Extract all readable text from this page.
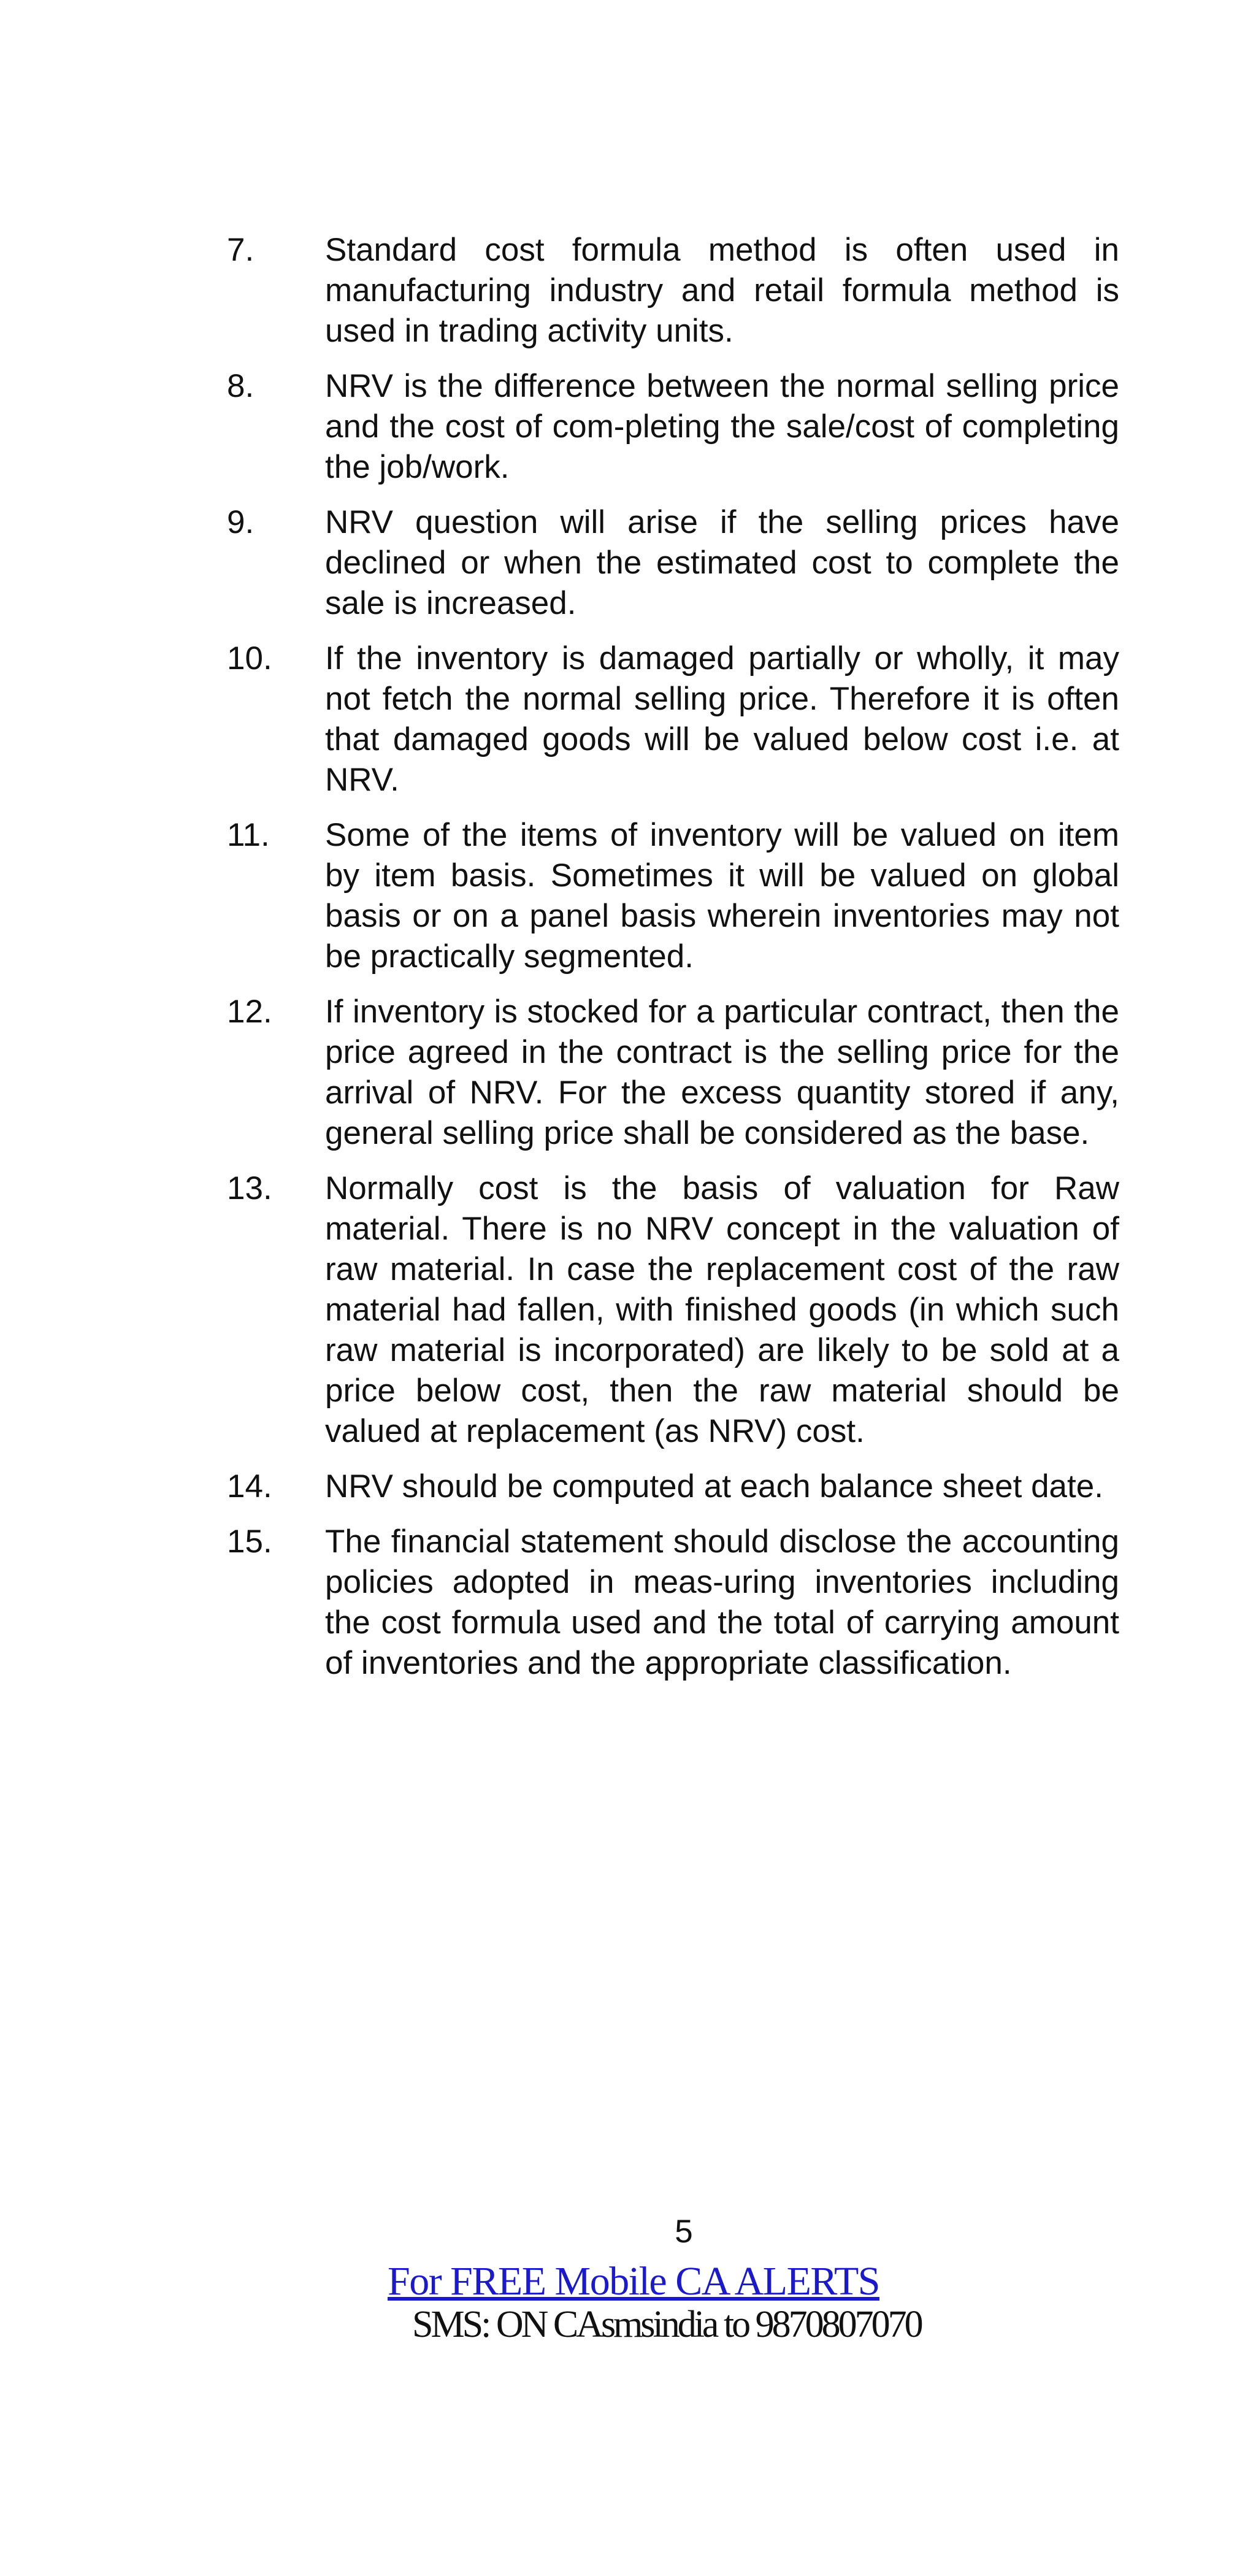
7.	Standard cost formula method is often used in manufacturing industry and retail formula method is used in trading activity units.
8.	NRV is the difference between the normal selling price and the cost of com-pleting the sale/cost of completing the job/work.
9.	NRV question will arise if the selling prices have declined or when the estimated cost to complete the sale is increased.
10.	If the inventory is damaged partially or wholly, it may not fetch the normal selling price. Therefore it is often that damaged goods will be valued below cost i.e. at NRV.
11.	Some of the items of inventory will be valued on item by item basis. Sometimes it will be valued on global basis or on a panel basis wherein inventories may not be practically segmented.
12.	If inventory is stocked for a particular contract, then the price agreed in the contract is the selling price for the arrival of NRV. For the excess quantity stored if any, general selling price shall be considered as the base.
13.	Normally cost is the basis of valuation for Raw material. There is no NRV concept in the valuation of raw material. In case the replacement cost of the raw material had fallen, with finished goods (in which such raw material is incorporated) are likely to be sold at a price below cost, then the raw material should be valued at replacement (as NRV) cost.
14.	NRV should be computed at each balance sheet date.
15.	The financial statement should disclose the accounting policies adopted in meas-uring inventories including the cost formula used and the total of carrying amount of inventories and the appropriate classification.
5
For FREE Mobile CA ALERTS
SMS: ON CAsmsindia to 9870807070
